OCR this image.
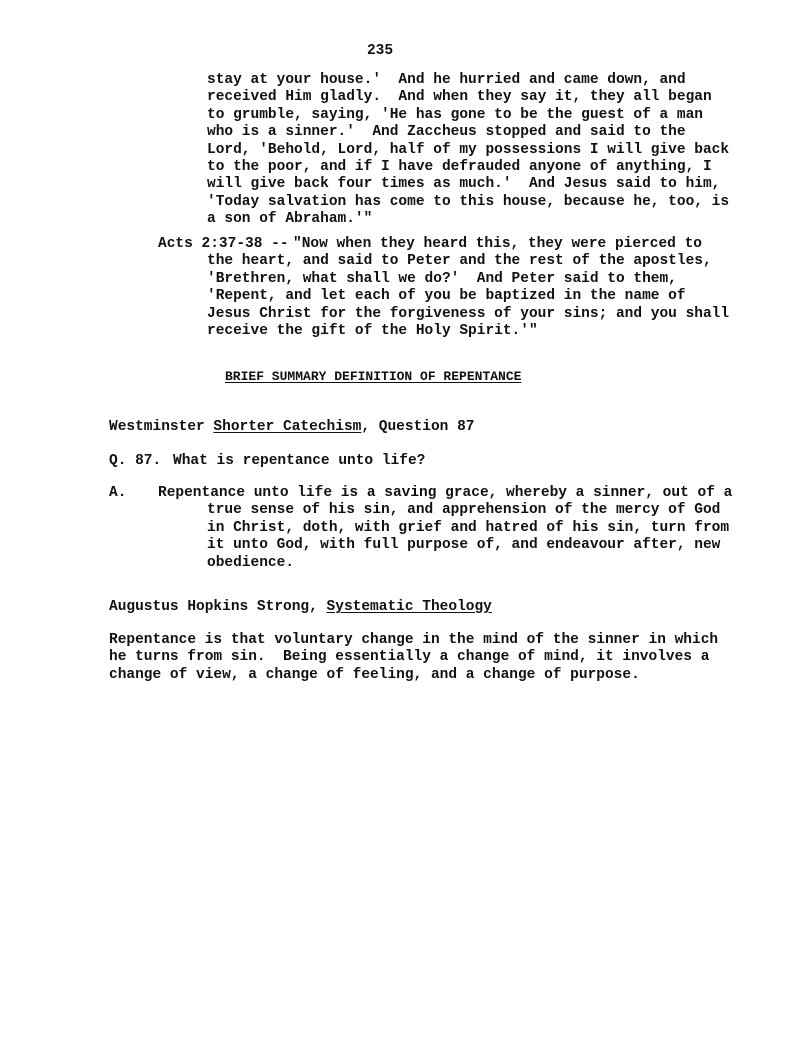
235
stay at your house.'  And he hurried and came down, and
received Him gladly.  And when they say it, they all began
to grumble, saying, 'He has gone to be the guest of a man
who is a sinner.'  And Zaccheus stopped and said to the
Lord, 'Behold, Lord, half of my possessions I will give back
to the poor, and if I have defrauded anyone of anything, I
will give back four times as much.'  And Jesus said to him,
'Today salvation has come to this house, because he, too, is
a son of Abraham.'"
Acts 2:37-38 --
"Now when they heard this, they were pierced to
the heart, and said to Peter and the rest of the apostles,
'Brethren, what shall we do?'  And Peter said to them,
'Repent, and let each of you be baptized in the name of
Jesus Christ for the forgiveness of your sins; and you shall
receive the gift of the Holy Spirit.'"
BRIEF SUMMARY DEFINITION OF REPENTANCE
Westminster Shorter Catechism, Question 87
Q. 87. What is repentance unto life?
A. Repentance unto life is a saving grace, whereby a sinner, out of a
true sense of his sin, and apprehension of the mercy of God
in Christ, doth, with grief and hatred of his sin, turn from
it unto God, with full purpose of, and endeavour after, new
obedience.
Augustus Hopkins Strong, Systematic Theology
Repentance is that voluntary change in the mind of the sinner in which
he turns from sin.  Being essentially a change of mind, it involves a
change of view, a change of feeling, and a change of purpose.
